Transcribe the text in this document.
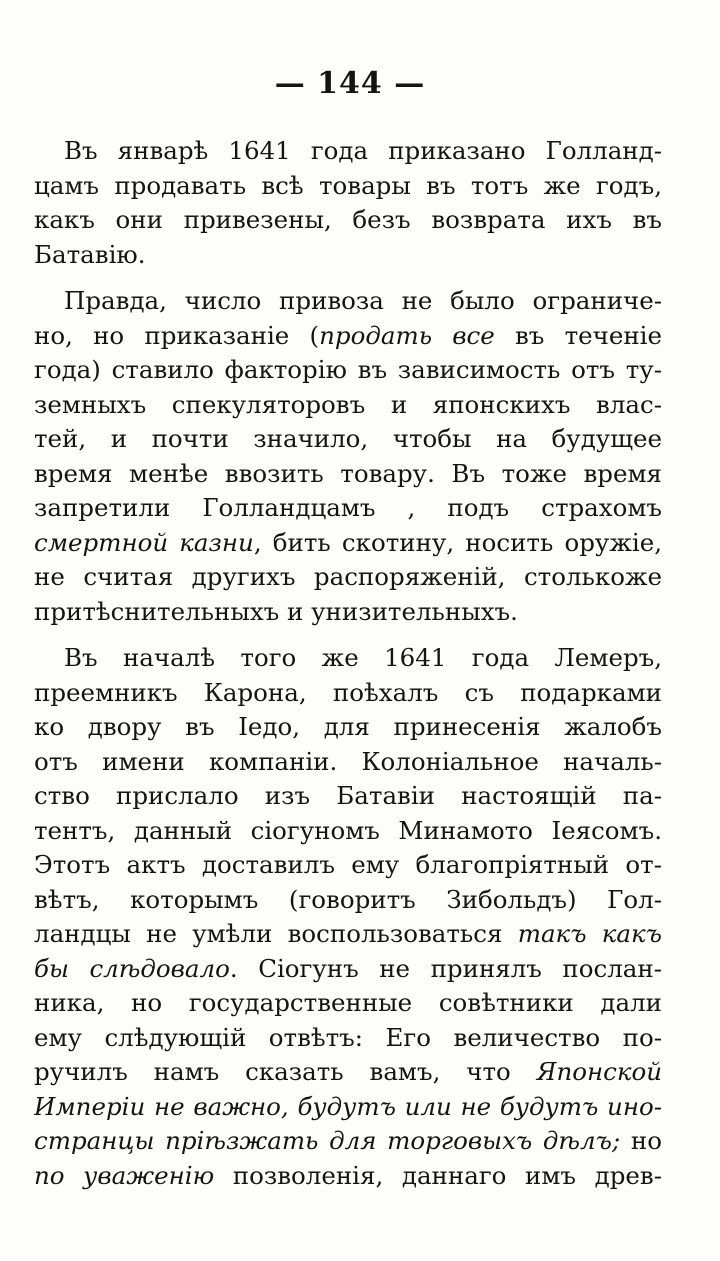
— 144 —
Въ январѣ 1641 года приказано Голланд-
цамъ продавать всѣ товары въ тотъ же годъ,
какъ они привезены, безъ возврата ихъ въ
Батавію.
Правда, число привоза не было ограниче-
но, но приказаніе (продать все въ теченіе
года) ставило факторію въ зависимость отъ ту-
земныхъ спекуляторовъ и японскихъ влас-
тей, и почти значило, чтобы на будущее
время менѣе ввозить товару. Въ тоже время
запретили Голландцамъ , подъ страхомъ
смертной казни, бить скотину, носить оружіе,
не считая другихъ распоряженій, столькоже
притѣснительныхъ и унизительныхъ.
Въ началѣ того же 1641 года Лемеръ,
преемникъ Карона, поѣхалъ съ подарками
ко двору въ Іедо, для принесенія жалобъ
отъ имени компаніи. Колоніальное началь-
ство прислало изъ Батавіи настоящій па-
тентъ, данный сіогуномъ Минамото Іеясомъ.
Этотъ актъ доставилъ ему благопріятный от-
вѣтъ, которымъ (говоритъ Зибольдъ) Гол-
ландцы не умѣли воспользоваться такъ какъ
бы слѣдовало. Сіогунъ не принялъ послан-
ника, но государственные совѣтники дали
ему слѣдующій отвѣтъ: Его величество по-
ручилъ намъ сказать вамъ, что Японской
Имперіи не важно, будутъ или не будутъ ино-
странцы пріѣзжать для торговыхъ дѣлъ; но
по уваженію позволенія, даннаго имъ древ-
